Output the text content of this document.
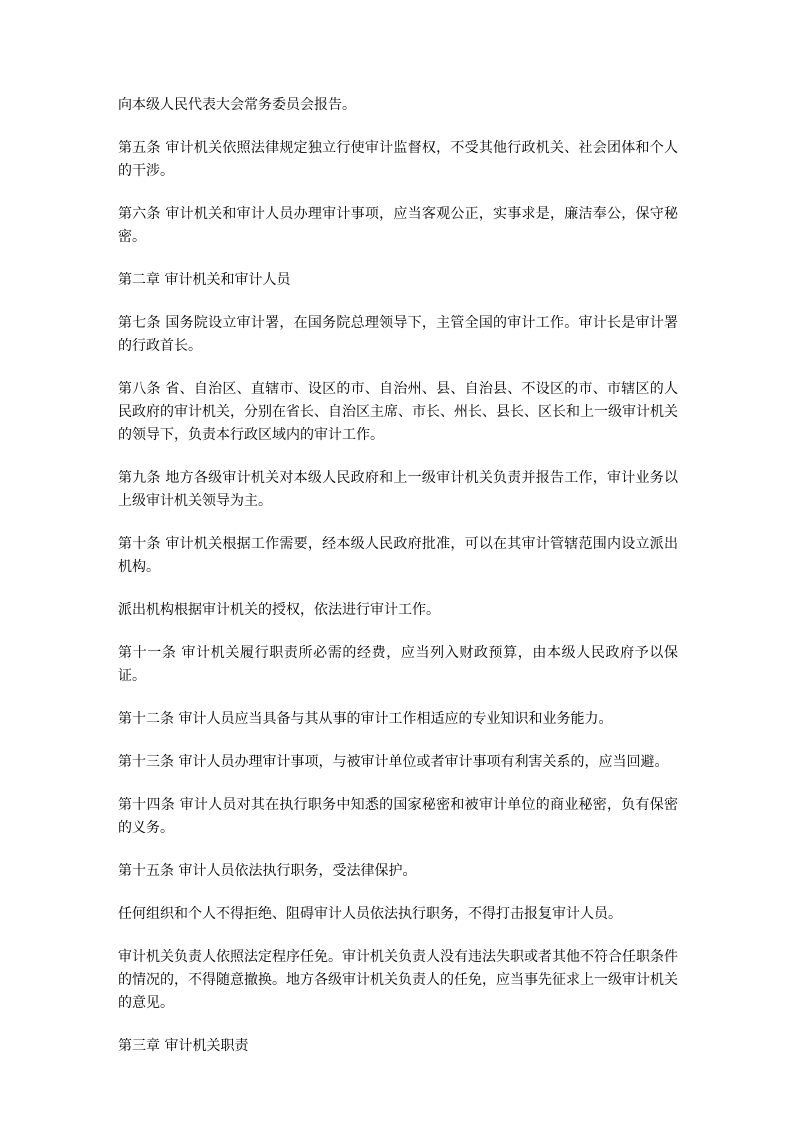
向本级人民代表大会常务委员会报告。

第五条 审计机关依照法律规定独立行使审计监督权，不受其他行政机关、社会团体和个人的干涉。

第六条 审计机关和审计人员办理审计事项，应当客观公正，实事求是，廉洁奉公，保守秘密。

第二章 审计机关和审计人员

第七条 国务院设立审计署，在国务院总理领导下，主管全国的审计工作。审计长是审计署的行政首长。

第八条 省、自治区、直辖市、设区的市、自治州、县、自治县、不设区的市、市辖区的人民政府的审计机关，分别在省长、自治区主席、市长、州长、县长、区长和上一级审计机关的领导下，负责本行政区域内的审计工作。

第九条 地方各级审计机关对本级人民政府和上一级审计机关负责并报告工作，审计业务以上级审计机关领导为主。

第十条 审计机关根据工作需要，经本级人民政府批准，可以在其审计管辖范围内设立派出机构。

派出机构根据审计机关的授权，依法进行审计工作。

第十一条 审计机关履行职责所必需的经费，应当列入财政预算，由本级人民政府予以保证。

第十二条 审计人员应当具备与其从事的审计工作相适应的专业知识和业务能力。

第十三条 审计人员办理审计事项，与被审计单位或者审计事项有利害关系的，应当回避。

第十四条 审计人员对其在执行职务中知悉的国家秘密和被审计单位的商业秘密，负有保密的义务。

第十五条 审计人员依法执行职务，受法律保护。

任何组织和个人不得拒绝、阻碍审计人员依法执行职务，不得打击报复审计人员。

审计机关负责人依照法定程序任免。审计机关负责人没有违法失职或者其他不符合任职条件的情况的，不得随意撤换。地方各级审计机关负责人的任免，应当事先征求上一级审计机关的意见。

第三章 审计机关职责
